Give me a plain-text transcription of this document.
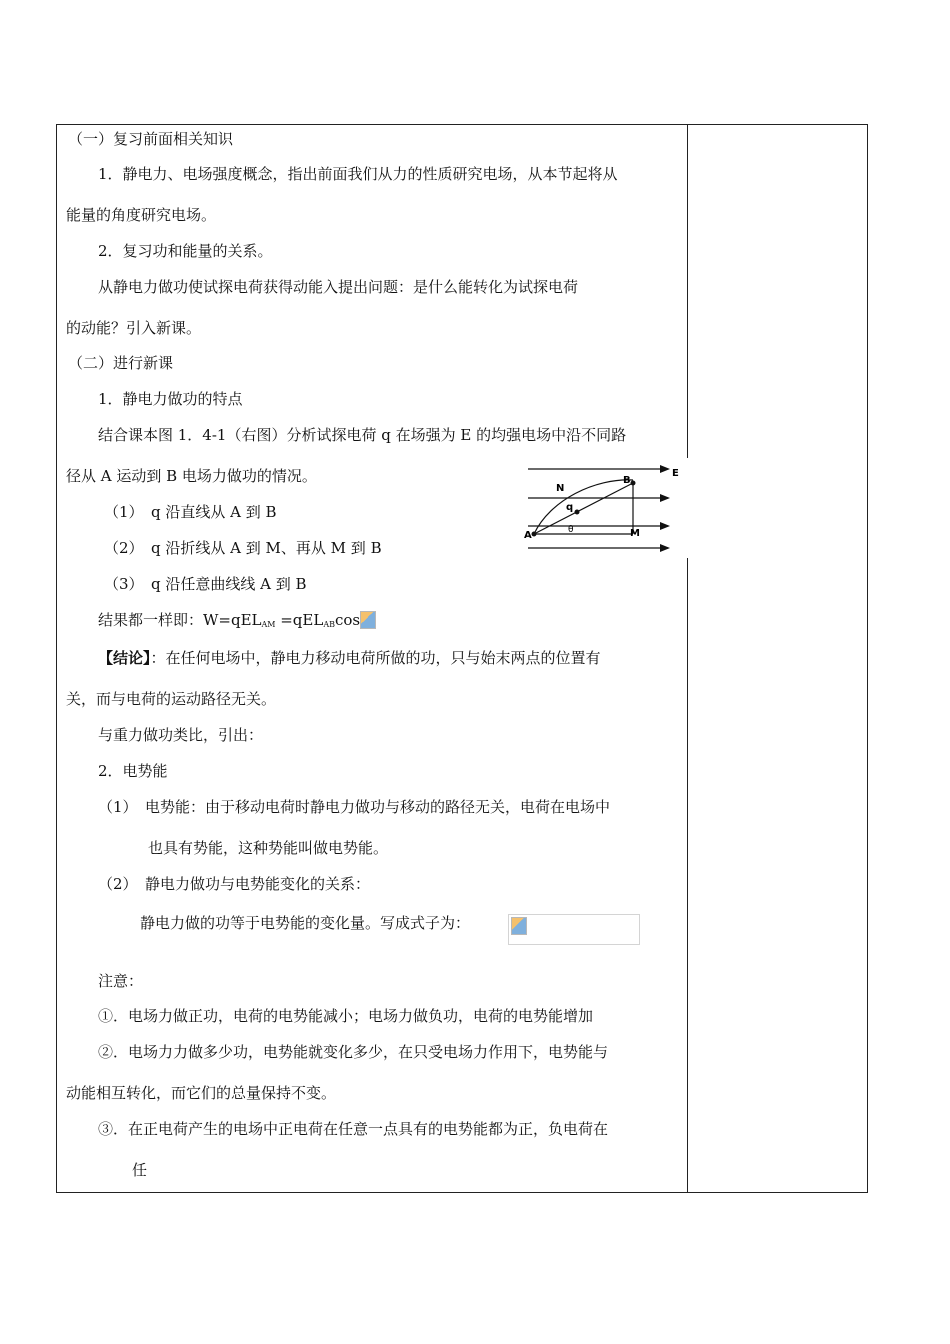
（一）复习前面相关知识
1．静电力、电场强度概念，指出前面我们从力的性质研究电场，从本节起将从
能量的角度研究电场。
2．复习功和能量的关系。
从静电力做功使试探电荷获得动能入提出问题：是什么能转化为试探电荷
的动能？引入新课。
（二）进行新课
1．静电力做功的特点
结合课本图 1．4-1（右图）分析试探电荷 q 在场强为 E 的均强电场中沿不同路
径从 A 运动到 B 电场力做功的情况。
（1）　q 沿直线从 A 到 B
（2）　q 沿折线从 A 到 M、再从 M 到 B
（3）　q 沿任意曲线线 A 到 B
结果都一样即：W=qEL$_{AM}$ =qEL$_{AB}$cos
【结论】：在任何电场中，静电力移动电荷所做的功，只与始末两点的位置有
关，而与电荷的运动路径无关。
与重力做功类比，引出：
2．电势能
（1）　电势能：由于移动电荷时静电力做功与移动的路径无关，电荷在电场中
也具有势能，这种势能叫做电势能。
（2）　静电力做功与电势能变化的关系：
静电力做的功等于电势能的变化量。写成式子为：
注意：
①．电场力做正功，电荷的电势能减小；电场力做负功，电荷的电势能增加
②．电场力力做多少功，电势能就变化多少，在只受电场力作用下，电势能与
动能相互转化，而它们的总量保持不变。
③．在正电荷产生的电场中正电荷在任意一点具有的电势能都为正，负电荷在
任
E
N
B
q
θ
A	M
